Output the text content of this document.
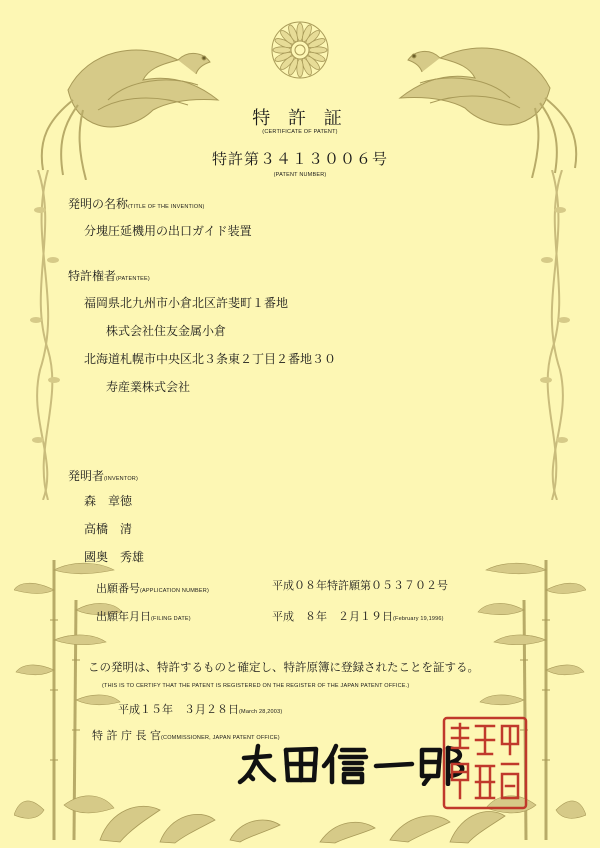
特 許 証
(CERTIFICATE OF PATENT)
特許第３４１３００６号
(PATENT NUMBER)
発明の名称(TITLE OF THE INVENTION)
分塊圧延機用の出口ガイド装置
特許権者(PATENTEE)
福岡県北九州市小倉北区許斐町１番地
株式会社住友金属小倉
北海道札幌市中央区北３条東２丁目２番地３０
寿産業株式会社
発明者(INVENTOR)
森　章徳
高橋　清
國奥　秀雄
出願番号(APPLICATION NUMBER)	平成０８年特許願第０５３７０２号
出願年月日(FILING DATE)	平成　８年　２月１９日(February 19,1996)
この発明は、特許するものと確定し、特許原簿に登録されたことを証する。
(THIS IS TO CERTIFY THAT THE PATENT IS REGISTERED ON THE REGISTER OF THE JAPAN PATENT OFFICE.)
平成１５年　３月２８日(March 28,2003)
特 許 庁 長 官(COMMISSIONER, JAPAN PATENT OFFICE)
